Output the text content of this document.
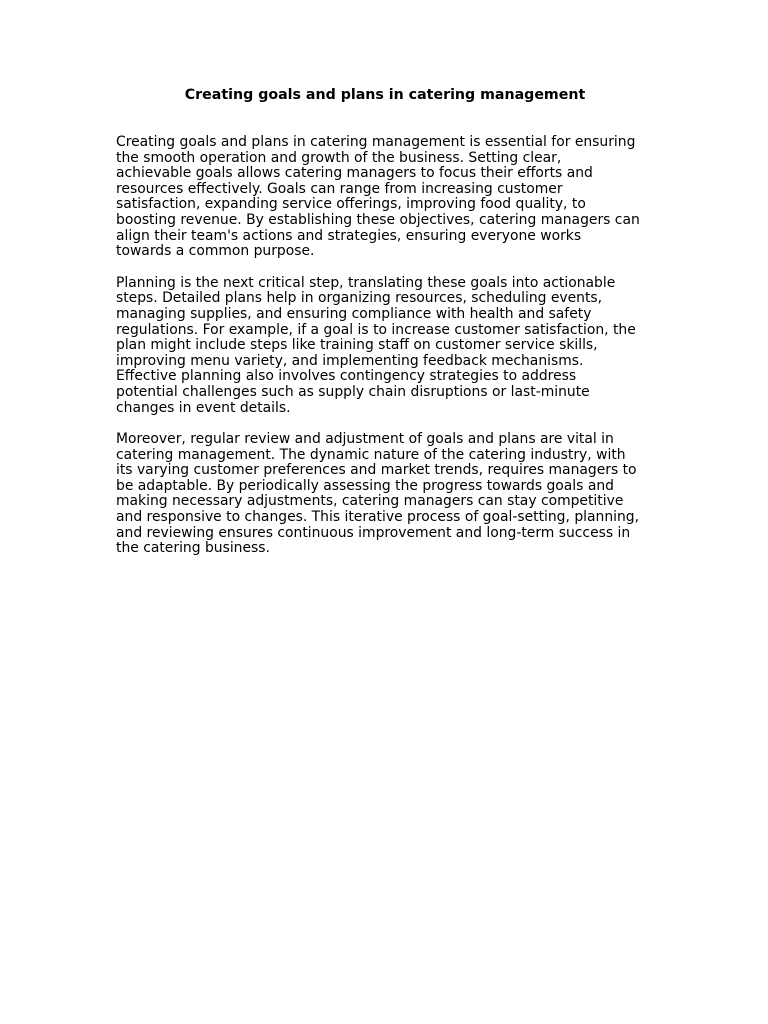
Creating goals and plans in catering management

Creating goals and plans in catering management is essential for ensuring
the smooth operation and growth of the business. Setting clear,
achievable goals allows catering managers to focus their efforts and
resources effectively. Goals can range from increasing customer
satisfaction, expanding service offerings, improving food quality, to
boosting revenue. By establishing these objectives, catering managers can
align their team's actions and strategies, ensuring everyone works
towards a common purpose.

Planning is the next critical step, translating these goals into actionable
steps. Detailed plans help in organizing resources, scheduling events,
managing supplies, and ensuring compliance with health and safety
regulations. For example, if a goal is to increase customer satisfaction, the
plan might include steps like training staff on customer service skills,
improving menu variety, and implementing feedback mechanisms.
Effective planning also involves contingency strategies to address
potential challenges such as supply chain disruptions or last-minute
changes in event details.

Moreover, regular review and adjustment of goals and plans are vital in
catering management. The dynamic nature of the catering industry, with
its varying customer preferences and market trends, requires managers to
be adaptable. By periodically assessing the progress towards goals and
making necessary adjustments, catering managers can stay competitive
and responsive to changes. This iterative process of goal-setting, planning,
and reviewing ensures continuous improvement and long-term success in
the catering business.
